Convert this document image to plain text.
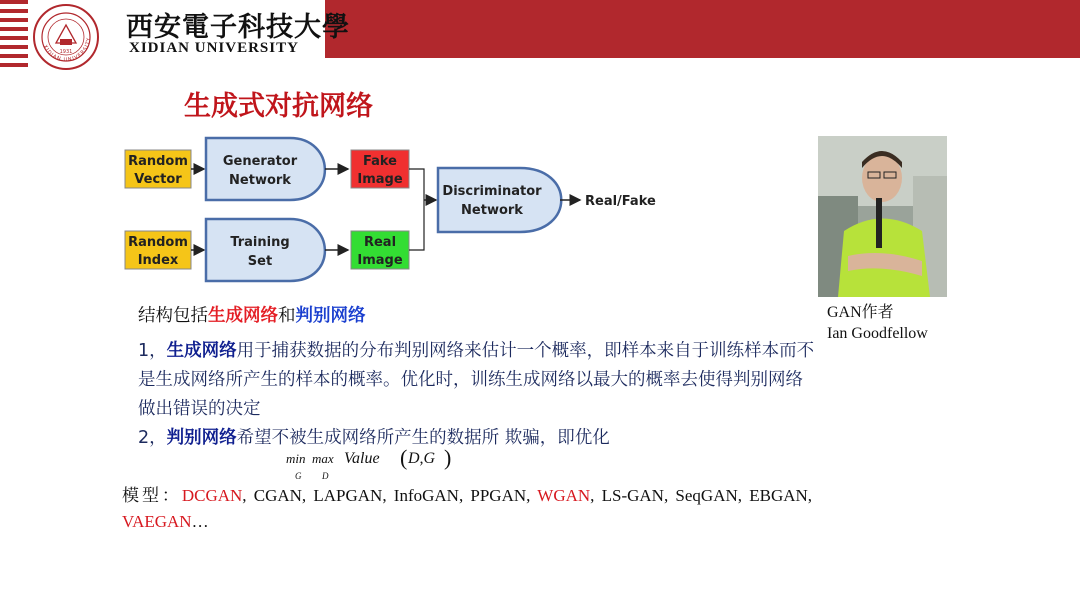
1931
XIDIAN UNIVERSITY 西安電子科技大學
XIDIAN UNIVERSITY
生成式对抗网络
Random
Vector
Generator
Network
Fake
Image
Random
Index
Training
Set
Real
Image
Discriminator
Network
Real/Fake
GAN作者
Ian Goodfellow
结构包括生成网络和判别网络
1，生成网络用于捕获数据的分布判别网络来估计一个概率，即样本来自于训练样本而不是生成网络所产生的样本的概率。优化时，训练生成网络以最大的概率去使得判别网络做出错误的决定
2，判别网络希望不被生成网络所产生的数据所 欺骗，即优化
min
G
max
D
Value ( D,G )
模型：DCGAN, CGAN, LAPGAN, InfoGAN, PPGAN, WGAN, LS-GAN, SeqGAN, EBGAN, VAEGAN…
